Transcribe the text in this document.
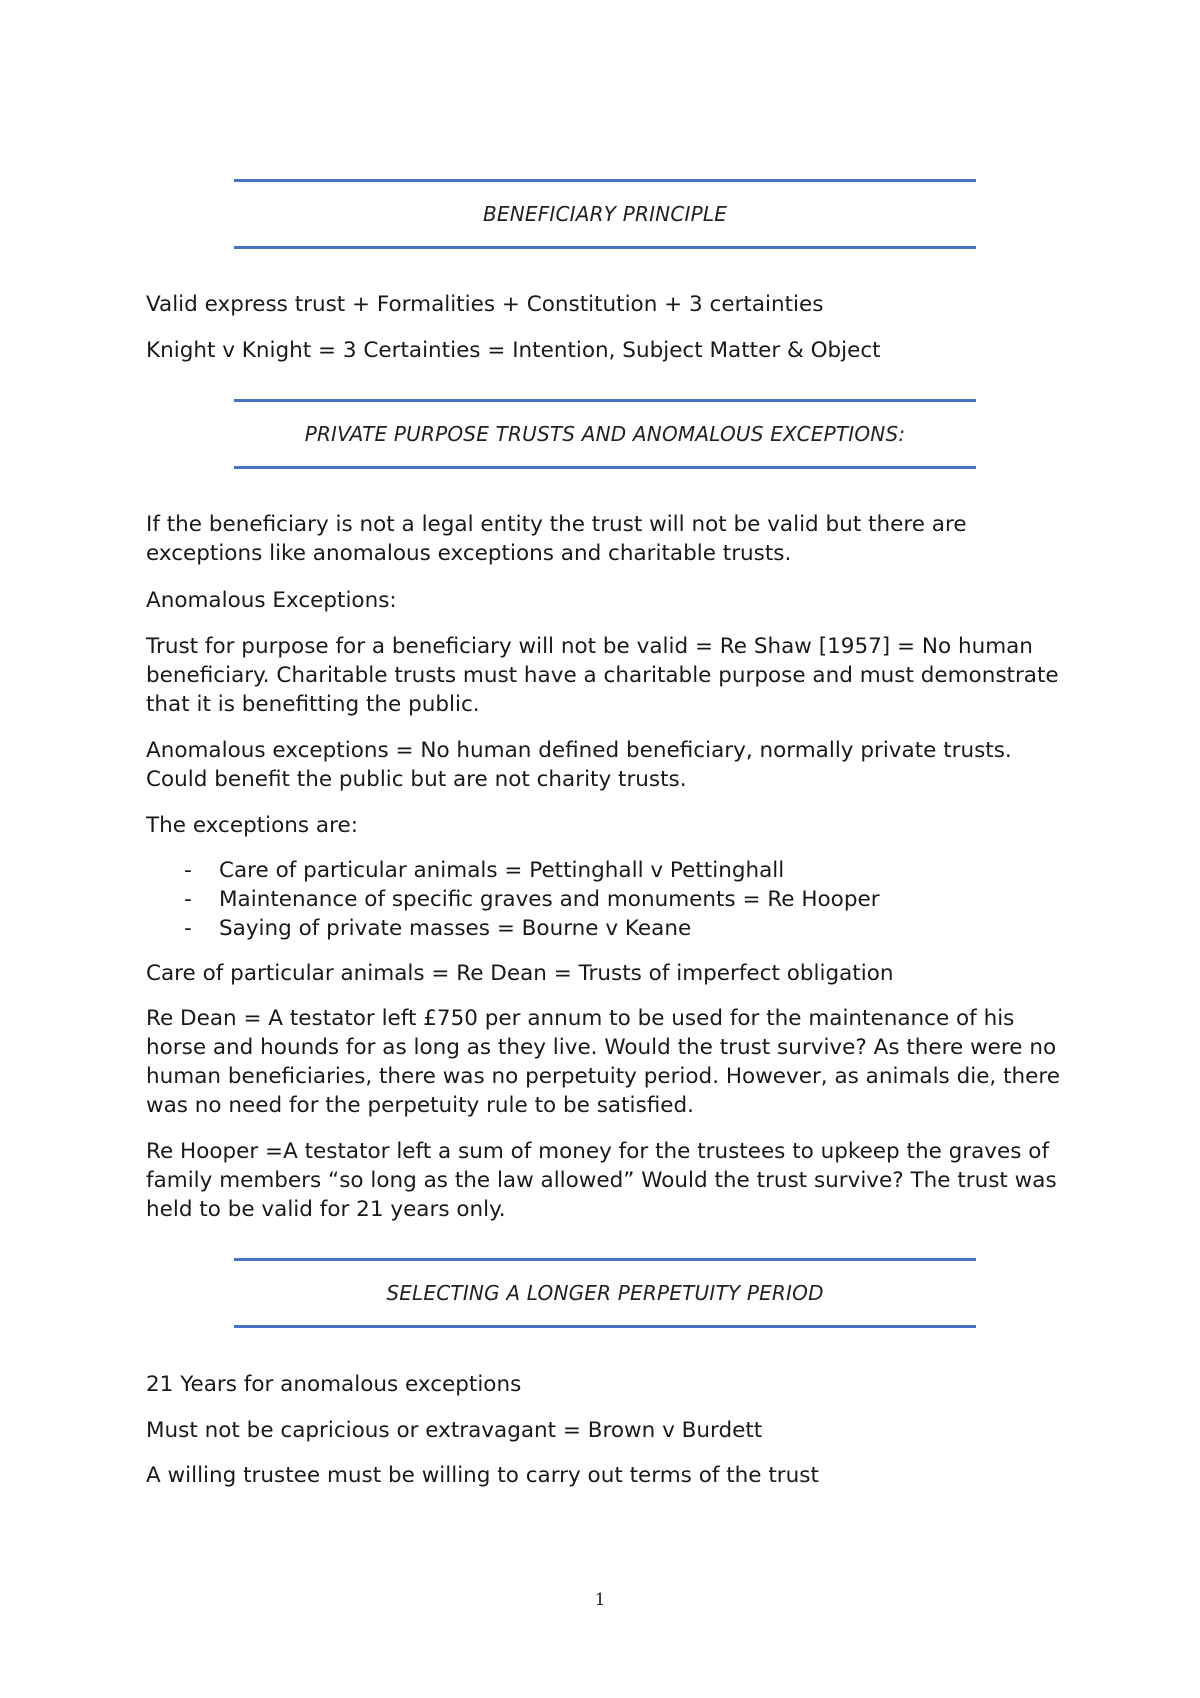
BENEFICIARY PRINCIPLE

Valid express trust + Formalities + Constitution + 3 certainties

Knight v Knight = 3 Certainties = Intention, Subject Matter & Object

PRIVATE PURPOSE TRUSTS AND ANOMALOUS EXCEPTIONS:

If the beneficiary is not a legal entity the trust will not be valid but there are exceptions like anomalous exceptions and charitable trusts.

Anomalous Exceptions:

Trust for purpose for a beneficiary will not be valid = Re Shaw [1957] = No human beneficiary. Charitable trusts must have a charitable purpose and must demonstrate that it is benefitting the public.

Anomalous exceptions = No human defined beneficiary, normally private trusts. Could benefit the public but are not charity trusts.

The exceptions are:

- Care of particular animals = Pettinghall v Pettinghall
- Maintenance of specific graves and monuments = Re Hooper
- Saying of private masses = Bourne v Keane

Care of particular animals = Re Dean = Trusts of imperfect obligation

Re Dean = A testator left £750 per annum to be used for the maintenance of his horse and hounds for as long as they live. Would the trust survive? As there were no human beneficiaries, there was no perpetuity period. However, as animals die, there was no need for the perpetuity rule to be satisfied.

Re Hooper =A testator left a sum of money for the trustees to upkeep the graves of family members “so long as the law allowed” Would the trust survive? The trust was held to be valid for 21 years only.

SELECTING A LONGER PERPETUITY PERIOD

21 Years for anomalous exceptions

Must not be capricious or extravagant = Brown v Burdett

A willing trustee must be willing to carry out terms of the trust

1
